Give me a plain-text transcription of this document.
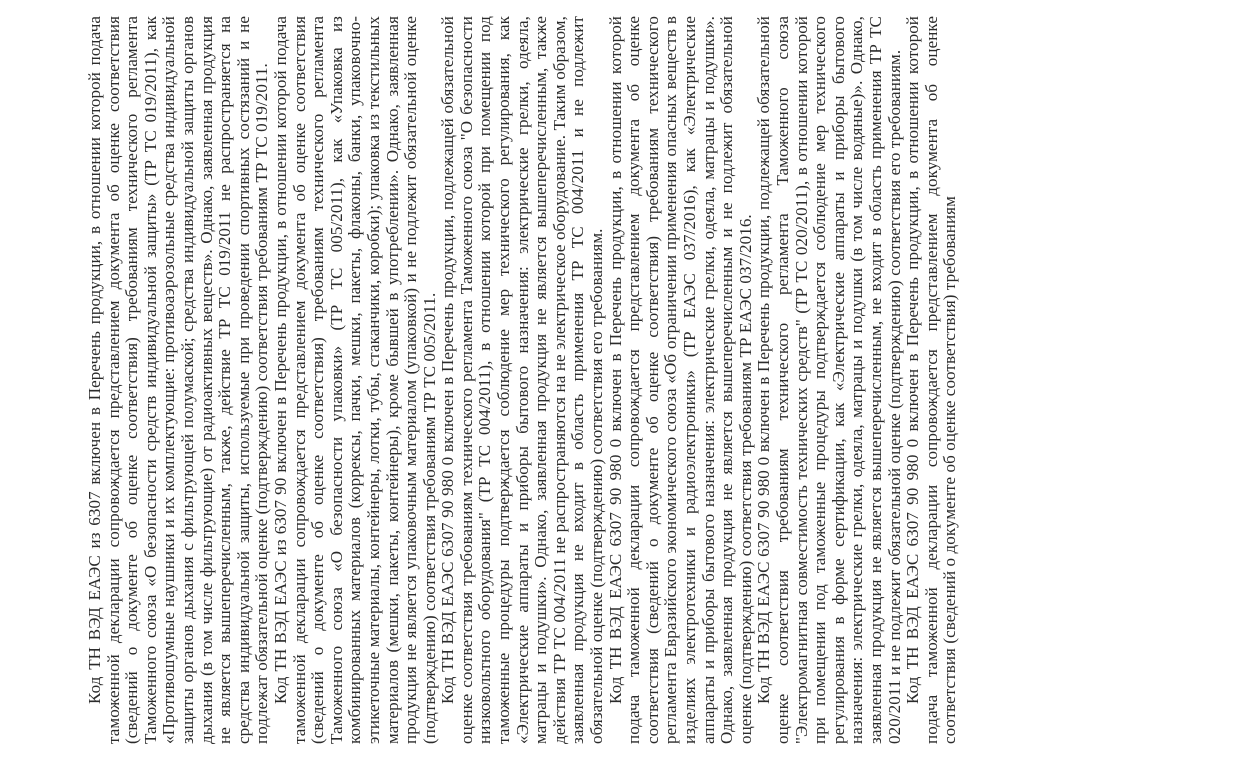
Код ТН ВЭД ЕАЭС из 6307 включен в Перечень продукции, в отношении которой подача таможенной декларации сопровождается представлением документа об оценке соответствия (сведений о документе об оценке соответствия) требованиям технического регламента Таможенного союза «О безопасности средств индивидуальной защиты» (ТР ТС 019/2011), как «Противошумные наушники и их комплектующие: противоаэрозольные средства индивидуальной защиты органов дыхания с фильтрующей полумаской; средства индивидуальной защиты органов дыхания (в том числе фильтрующие) от радиоактивных веществ». Однако, заявленная продукция не является вышеперечисленным, также, действие ТР ТС 019/2011 не распространяется на средства индивидуальной защиты, используемые при проведении спортивных состязаний и не подлежат обязательной оценке (подтверждению) соответствия требованиям ТР ТС 019/2011. Код ТН ВЭД ЕАЭС из 6307 90 включен в Перечень продукции, в отношении которой подача таможенной декларации сопровождается представлением документа об оценке соответствия (сведений о документе об оценке соответствия) требованиям технического регламента Таможенного союза «О безопасности упаковки» (ТР ТС 005/2011), как «Упаковка из комбинированных материалов (коррексы, пачки, мешки, пакеты, флаконы, банки, упаковочно-этикеточные материалы, контейнеры, лотки, тубы, стаканчики, коробки); упаковка из текстильных материалов (мешки, пакеты, контейнеры), кроме бывшей в употреблении». Однако, заявленная продукция не является упаковочным материалом (упаковкой) и не подлежит обязательной оценке (подтверждению) соответствия требованиям ТР ТС 005/2011. Код ТН ВЭД ЕАЭС 6307 90 980 0 включен в Перечень продукции, подлежащей обязательной оценке соответствия требованиям технического регламента Таможенного союза "О безопасности низковольтного оборудования" (ТР ТС 004/2011), в отношении которой при помещении под таможенные процедуры подтверждается соблюдение мер технического регулирования, как «Электрические аппараты и приборы бытового назначения: электрические грелки, одеяла, матрацы и подушки». Однако, заявленная продукция не является вышеперечисленным, также действия ТР ТС 004/2011 не распространяются на не электрическое оборудование. Таким образом, заявленная продукция не входит в область применения ТР ТС 004/2011 и не подлежит обязательной оценке (подтверждению) соответствия его требованиям. Код ТН ВЭД ЕАЭС 6307 90 980 0 включен в Перечень продукции, в отношении которой подача таможенной декларации сопровождается представлением документа об оценке соответствия (сведений о документе об оценке соответствия) требованиям технического регламента Евразийского экономического союза «Об ограничении применения опасных веществ в изделиях электротехники и радиоэлектроники» (ТР ЕАЭС 037/2016), как «Электрические аппараты и приборы бытового назначения: электрические грелки, одеяла, матрацы и подушки». Однако, заявленная продукция не является вышеперечисленным и не подлежит обязательной оценке (подтверждению) соответствия требованиям ТР ЕАЭС 037/2016. Код ТН ВЭД ЕАЭС 6307 90 980 0 включен в Перечень продукции, подлежащей обязательной оценке соответствия требованиям технического регламента Таможенного союза "Электромагнитная совместимость технических средств" (ТР ТС 020/2011), в отношении которой при помещении под таможенные процедуры подтверждается соблюдение мер технического регулирования в форме сертификации, как «Электрические аппараты и приборы бытового назначения: электрические грелки, одеяла, матрацы и подушки (в том числе водяные)». Однако, заявленная продукция не является вышеперечисленным, не входит в область применения ТР ТС 020/2011 и не подлежит обязательной оценке (подтверждению) соответствия его требованиям. Код ТН ВЭД ЕАЭС 6307 90 980 0 включен в Перечень продукции, в отношении которой подача таможенной декларации сопровождается представлением документа об оценке соответствия (сведений о документе об оценке соответствия) требованиям
